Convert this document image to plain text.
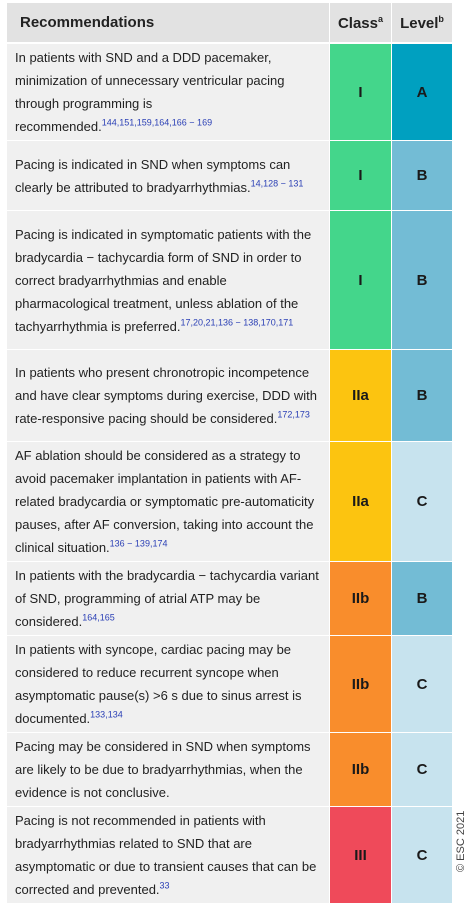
Recommendations	Class$^a$	Level$^b$
In patients with SND and a DDD pacemaker, minimization of unnecessary ventricular pacing through programming is recommended.$^{144,151,159,164,166 - 169}$	I	A
Pacing is indicated in SND when symptoms can clearly be attributed to bradyarrhythmias.$^{14,128 - 131}$	I	B
Pacing is indicated in symptomatic patients with the bradycardia − tachycardia form of SND in order to correct bradyarrhythmias and enable pharmacological treatment, unless ablation of the tachyarrhythmia is preferred.$^{17,20,21,136 - 138,170,171}$	I	B
In patients who present chronotropic incompetence and have clear symptoms during exercise, DDD with rate-responsive pacing should be considered.$^{172,173}$	IIa	B
AF ablation should be considered as a strategy to avoid pacemaker implantation in patients with AF-related bradycardia or symptomatic pre-automaticity pauses, after AF conversion, taking into account the clinical situation.$^{136 - 139,174}$	IIa	C
In patients with the bradycardia − tachycardia variant of SND, programming of atrial ATP may be considered.$^{164,165}$	IIb	B
In patients with syncope, cardiac pacing may be considered to reduce recurrent syncope when asymptomatic pause(s) >6 s due to sinus arrest is documented.$^{133,134}$	IIb	C
Pacing may be considered in SND when symptoms are likely to be due to bradyarrhythmias, when the evidence is not conclusive.	IIb	C
Pacing is not recommended in patients with bradyarrhythmias related to SND that are asymptomatic or due to transient causes that can be corrected and prevented.$^{33}$	III	C	© ESC 2021
